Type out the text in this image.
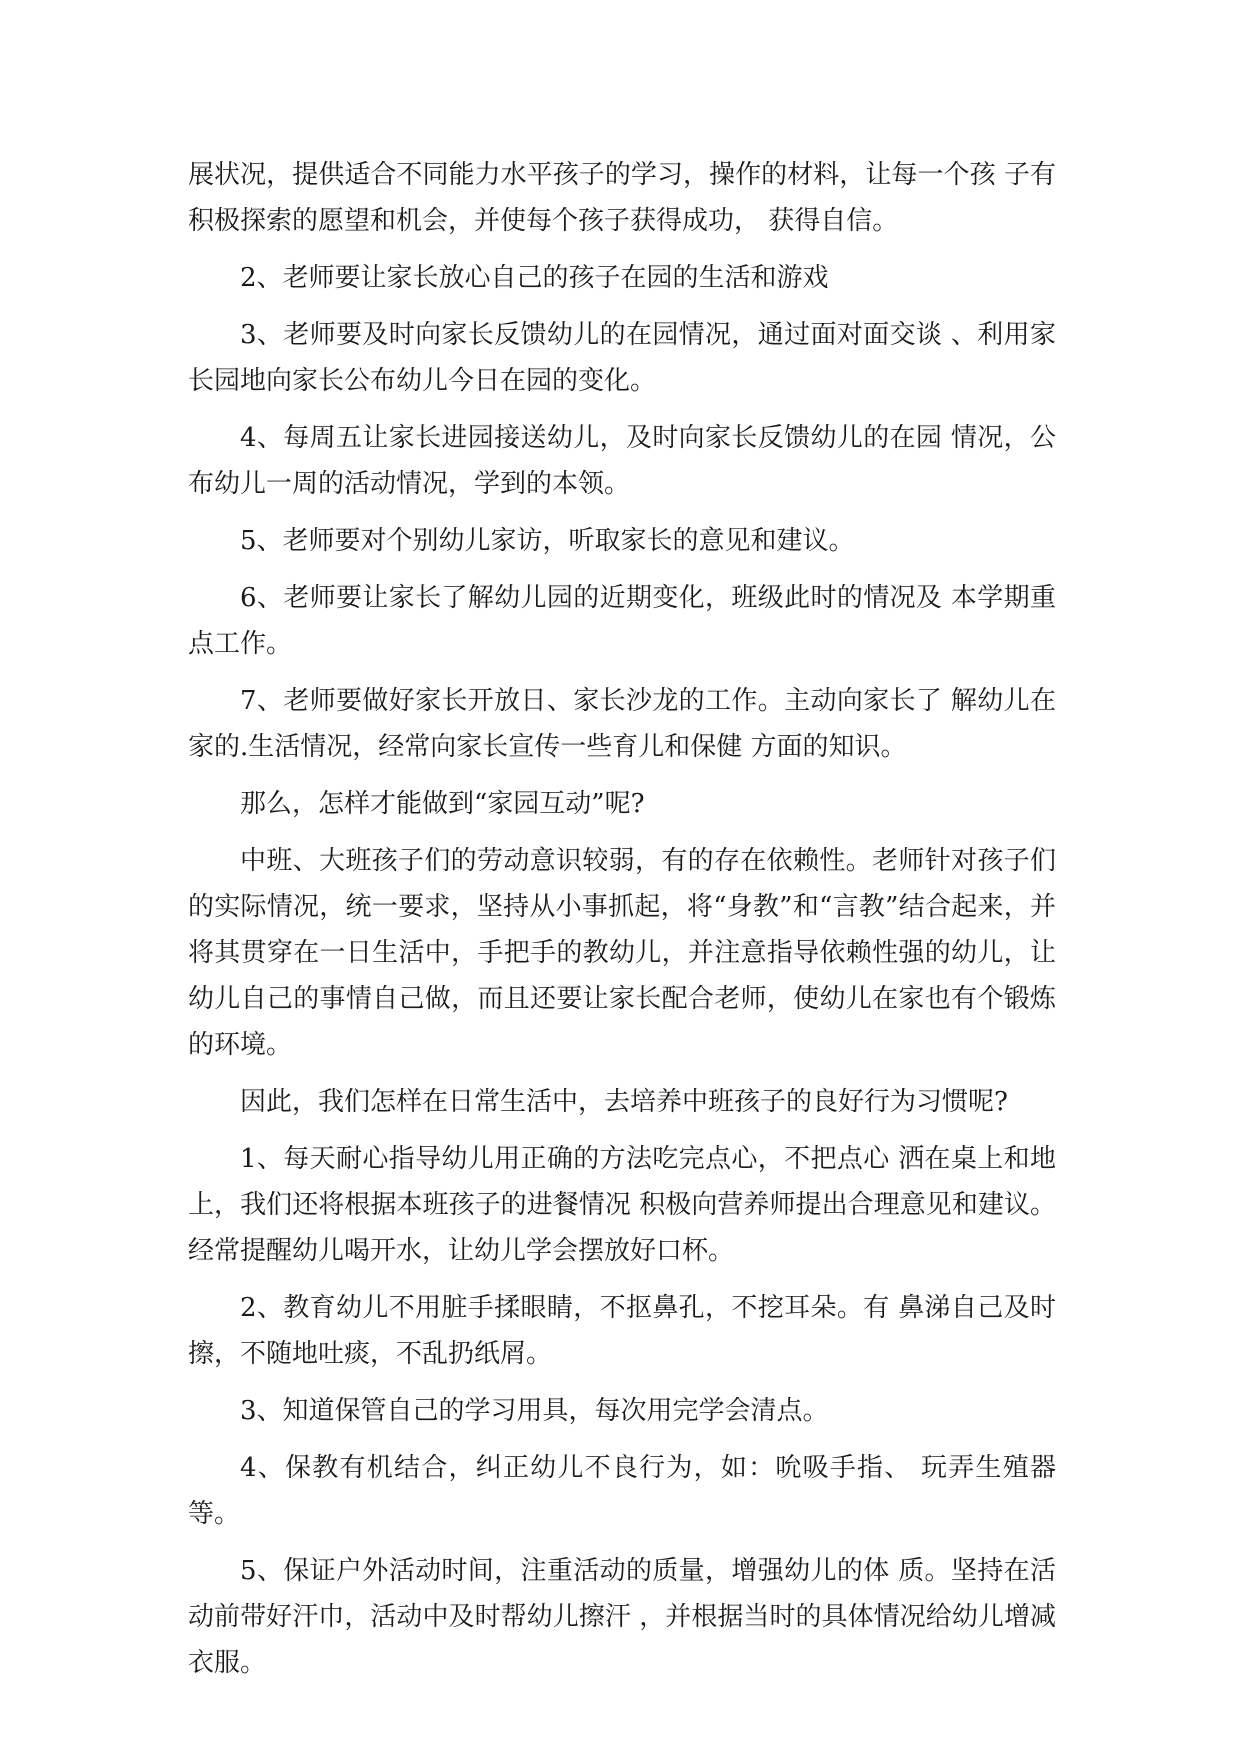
展状况，提供适合不同能力水平孩子的学习，操作的材料，让每一个孩 子有积极探索的愿望和机会，并使每个孩子获得成功， 获得自信。

2、老师要让家长放心自己的孩子在园的生活和游戏

3、老师要及时向家长反馈幼儿的在园情况，通过面对面交谈 、利用家长园地向家长公布幼儿今日在园的变化。

4、每周五让家长进园接送幼儿，及时向家长反馈幼儿的在园 情况，公布幼儿一周的活动情况，学到的本领。

5、老师要对个别幼儿家访，听取家长的意见和建议。

6、老师要让家长了解幼儿园的近期变化，班级此时的情况及 本学期重点工作。

7、老师要做好家长开放日、家长沙龙的工作。主动向家长了 解幼儿在家的.生活情况，经常向家长宣传一些育儿和保健 方面的知识。

那么，怎样才能做到“家园互动”呢?

中班、大班孩子们的劳动意识较弱，有的存在依赖性。老师针对孩子们的实际情况，统一要求，坚持从小事抓起，将“身教”和“言教”结合起来，并将其贯穿在一日生活中，手把手的教幼儿，并注意指导依赖性强的幼儿，让幼儿自己的事情自己做，而且还要让家长配合老师，使幼儿在家也有个锻炼的环境。

因此，我们怎样在日常生活中，去培养中班孩子的良好行为习惯呢?

1、每天耐心指导幼儿用正确的方法吃完点心，不把点心 洒在桌上和地上，我们还将根据本班孩子的进餐情况 积极向营养师提出合理意见和建议。经常提醒幼儿喝开水，让幼儿学会摆放好口杯。

2、教育幼儿不用脏手揉眼睛，不抠鼻孔，不挖耳朵。有 鼻涕自己及时擦，不随地吐痰，不乱扔纸屑。

3、知道保管自己的学习用具，每次用完学会清点。

4、保教有机结合，纠正幼儿不良行为，如：吮吸手指、 玩弄生殖器等。

5、保证户外活动时间，注重活动的质量，增强幼儿的体 质。坚持在活动前带好汗巾，活动中及时帮幼儿擦汗 ，并根据当时的具体情况给幼儿增减衣服。
